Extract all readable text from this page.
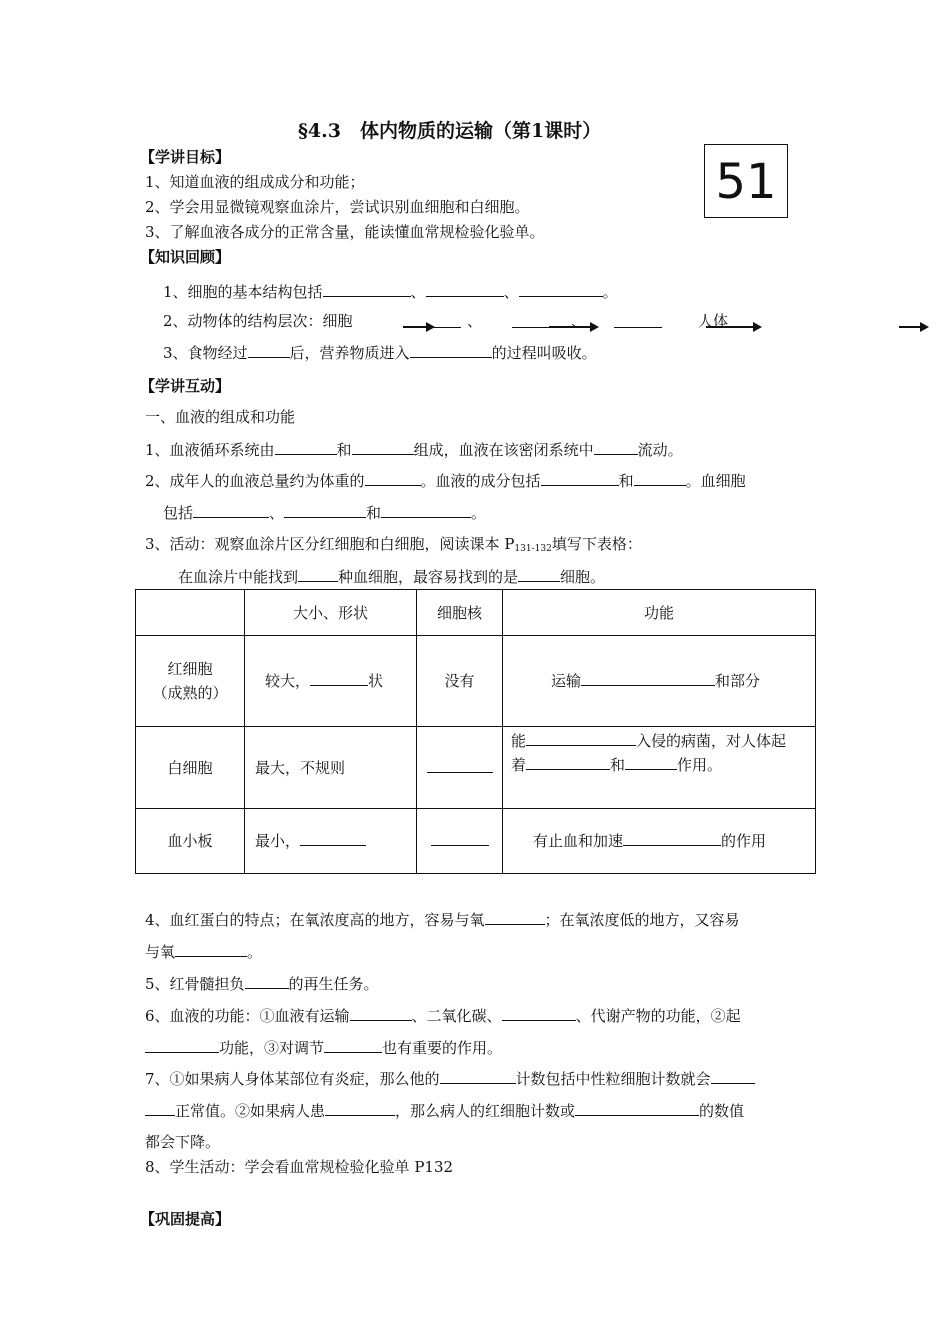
§4.3　体内物质的运输（第1课时）
51
【学讲目标】
1、知道血液的组成成分和功能；
2、学会用显微镜观察血涂片，尝试识别血细胞和白细胞。
3、了解血液各成分的正常含量，能读懂血常规检验化验单。
【知识回顾】
1、细胞的基本结构包括	、	、	。
2、动物体的结构层次：细胞
	、
	、
	人体
3、食物经过	后，营养物质进入	的过程叫吸收。
【学讲互动】
一、血液的组成和功能
1、血液循环系统由	和	组成，血液在该密闭系统中	流动。
2、成年人的血液总量约为体重的	。血液的成分包括	和	。血细胞
包括	、	和	。
3、活动：观察血涂片区分红细胞和白细胞，阅读课本 $P_{131-132}$填写下表格：
在血涂片中能找到	种血细胞，最容易找到的是	细胞。
	大小、形状	细胞核	功能

红细胞
（成熟的）	较大， 状	没有	运输 和部分
白细胞	最大，不规则		能 入侵的病菌，对人体起
着 和 作用。

血小板	最小，		有止血和加速 的作用
4、血红蛋白的特点；在氧浓度高的地方，容易与氧	；在氧浓度低的地方，又容易
与氧	。
5、红骨髓担负	的再生任务。
6、血液的功能：①血液有运输	、二氧化碳、	、代谢产物的功能，②起
功能，③对调节	也有重要的作用。
7、①如果病人身体某部位有炎症，那么他的	计数包括中性粒细胞计数就会
正常值。②如果病人患	，那么病人的红细胞计数或	的数值
都会下降。
8、学生活动：学会看血常规检验化验单 P132
【巩固提高】
